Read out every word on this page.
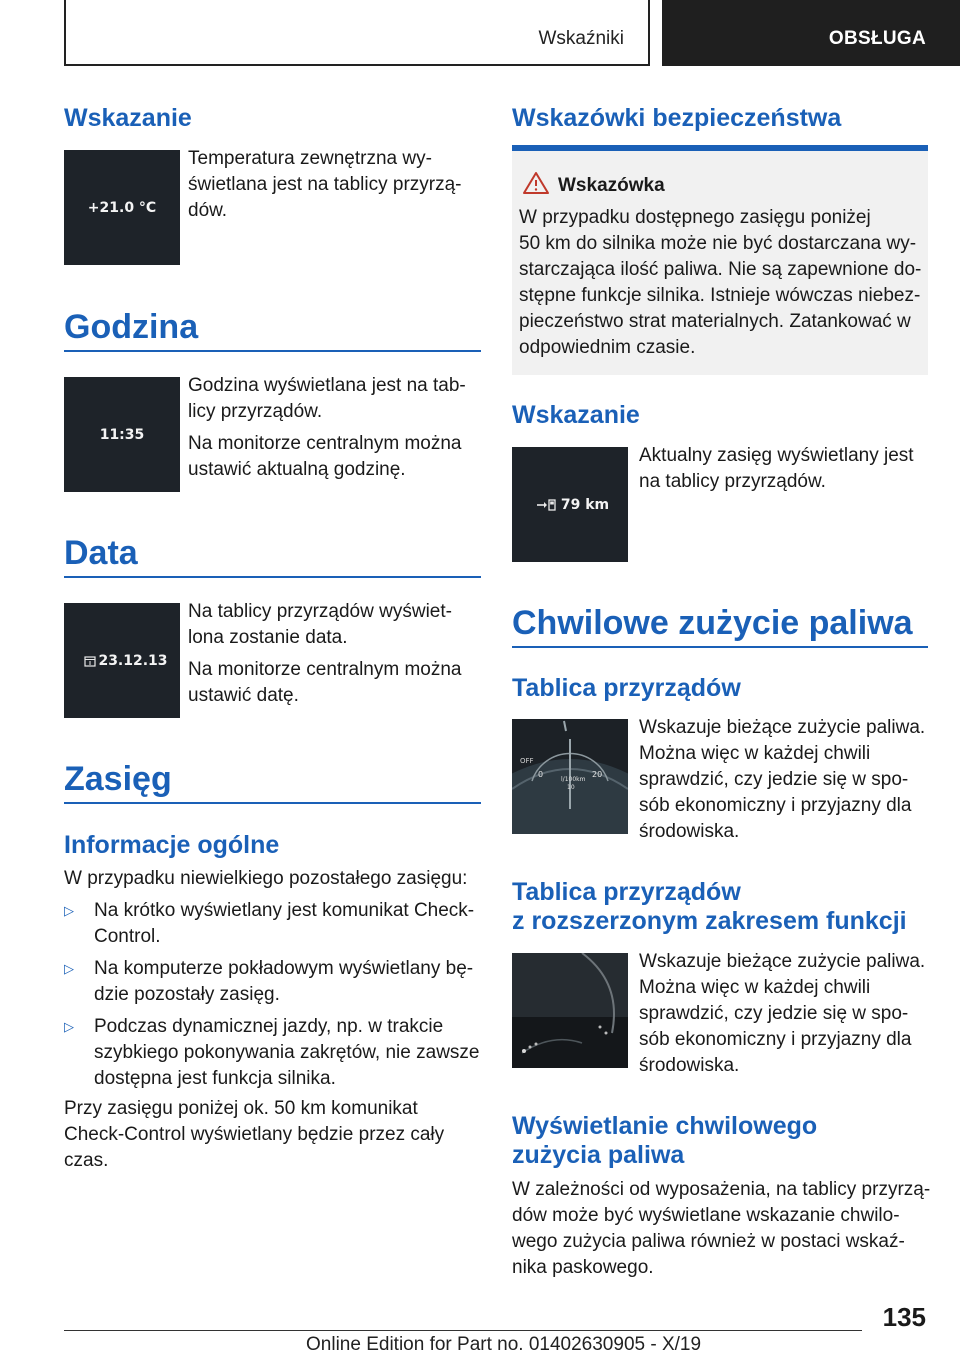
Wskaźniki	OBSŁUGA
Wskazanie
+21.0 °C
Temperatura zewnętrzna wy-
świetlana jest na tablicy przyrzą-
dów.
Godzina
11:35

Godzina wyświetlana jest na tab-
licy przyrządów.

Na monitorze centralnym można
ustawić aktualną godzinę.

Data
23.12.13

Na tablicy przyrządów wyświet-
lona zostanie data.

Na monitorze centralnym można
ustawić datę.

Zasięg
Informacje ogólne
W przypadku niewielkiego pozostałego zasięgu:
▷ Na krótko wyświetlany jest komunikat Check-
Control.
▷ Na komputerze pokładowym wyświetlany bę-
dzie pozostały zasięg.
▷ Podczas dynamicznej jazdy, np. w trakcie
szybkiego pokonywania zakrętów, nie zawsze
dostępna jest funkcja silnika.
Przy zasięgu poniżej ok. 50 km komunikat
Check-Control wyświetlany będzie przez cały
czas.
Wskazówki bezpieczeństwa
Wskazówka
W przypadku dostępnego zasięgu poniżej
50 km do silnika może nie być dostarczana wy-
starczająca ilość paliwa. Nie są zapewnione do-
stępne funkcje silnika. Istnieje wówczas niebez-
pieczeństwo strat materialnych. Zatankować w
odpowiednim czasie.
Wskazanie
79 km
Aktualny zasięg wyświetlany jest
na tablicy przyrządów.
Chwilowe zużycie paliwa
Tablica przyrządów
OFF
0	20
l/100km
10
Wskazuje bieżące zużycie paliwa.
Można więc w każdej chwili
sprawdzić, czy jedzie się w spo-
sób ekonomiczny i przyjazny dla
środowiska.
Tablica przyrządów
z rozszerzonym zakresem funkcji
Wskazuje bieżące zużycie paliwa.
Można więc w każdej chwili
sprawdzić, czy jedzie się w spo-
sób ekonomiczny i przyjazny dla
środowiska.
Wyświetlanie chwilowego
zużycia paliwa
W zależności od wyposażenia, na tablicy przyrzą-
dów może być wyświetlane wskazanie chwilo-
wego zużycia paliwa również w postaci wskaź-
nika paskowego.
135
Online Edition for Part no. 01402630905 - X/19
